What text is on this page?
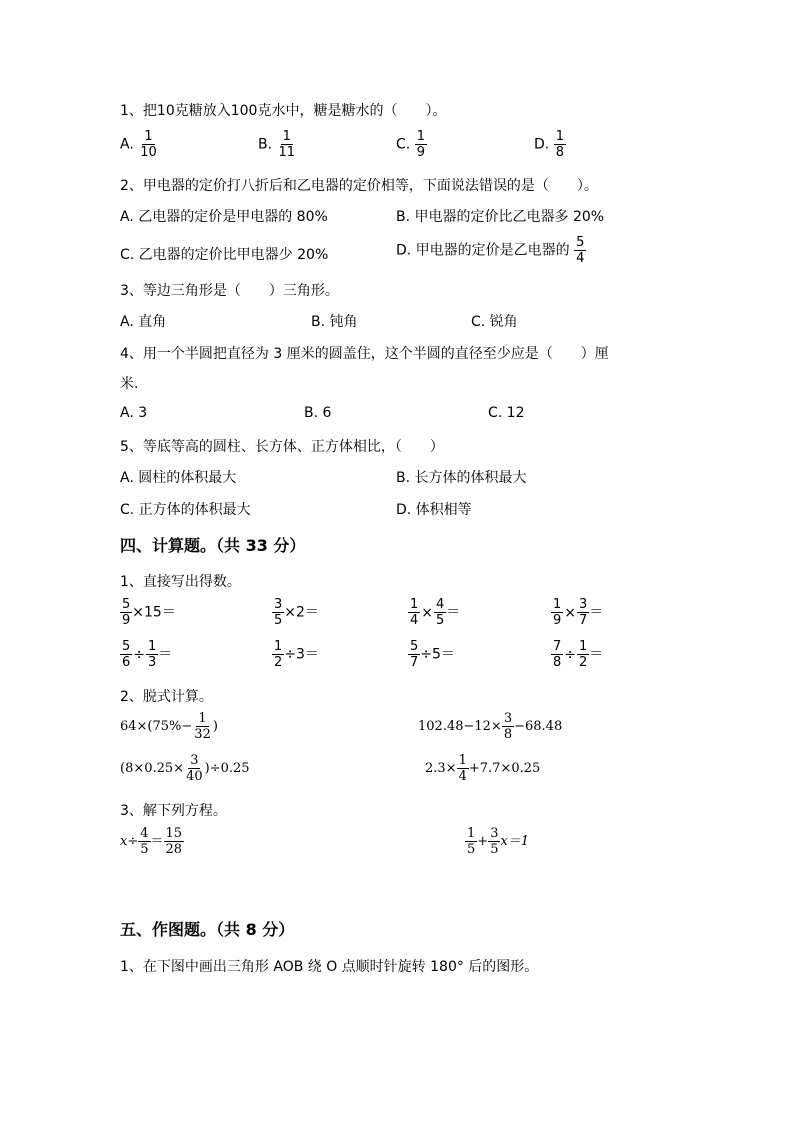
1、把10克糖放入100克水中，糖是糖水的（　　）。
A. $\frac{1}{10}$	B. $\frac{1}{11}$	C. $\frac{1}{9}$	D. $\frac{1}{8}$
2、甲电器的定价打八折后和乙电器的定价相等，下面说法错误的是（　　）。
A. 乙电器的定价是甲电器的 80%	B. 甲电器的定价比乙电器多 20%
C. 乙电器的定价比甲电器少 20%	D. 甲电器的定价是乙电器的 $\frac{5}{4}$
3、等边三角形是（　　）三角形。
A. 直角	B. 钝角	C. 锐角
4、用一个半圆把直径为 3 厘米的圆盖住，这个半圆的直径至少应是（　　）厘
米.
A. 3	B. 6	C. 12
5、等底等高的圆柱、长方体、正方体相比，（　　）
A. 圆柱的体积最大	B. 长方体的体积最大
C. 正方体的体积最大	D. 体积相等
四、计算题。（共 33 分）
1、直接写出得数。
$\frac{5}{9} \times 15=$	$\frac{3}{5} \times 2=$	$\frac{1}{4} \times \frac{4}{5}$ ＝	$\frac{1}{9} \times \frac{3}{7}$ ＝
$\frac{5}{6} \div \frac{1}{3}$ ＝	$\frac{1}{2} \div 3=$	$\frac{5}{7} \div 5=$	$\frac{7}{8} \div \frac{1}{2}$ ＝
2、脱式计算。
$64\times(75\%- \frac{1}{32}$ )	$102.48-12\times \frac{3}{8} -68.48$
$(8\times 0.25\times \frac{3}{40} )\div 0.25$	$2.3\times \frac{1}{4} +7.7\times 0.25$
3、解下列方程。
$x\div \frac{4}{5} = \frac{15}{28}$	$\frac{1}{5} + \frac{3}{5} x=1$
五、作图题。（共 8 分）
1、在下图中画出三角形 AOB 绕 O 点顺时针旋转 180° 后的图形。
